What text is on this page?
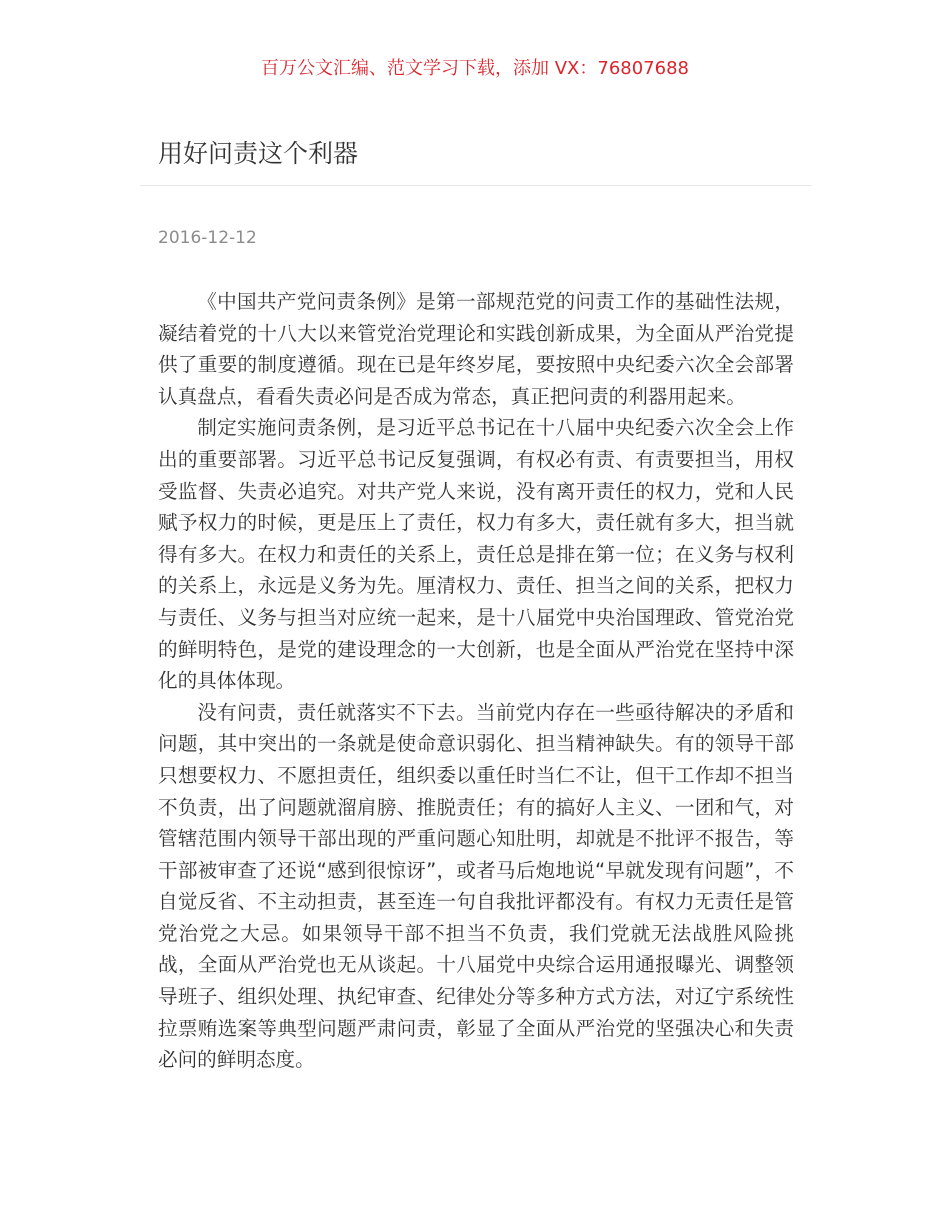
百万公文汇编、范文学习下载，添加 VX：76807688
用好问责这个利器
2016-12-12

《中国共产党问责条例》是第一部规范党的问责工作的基础性法规，凝结着党的十八大以来管党治党理论和实践创新成果，为全面从严治党提供了重要的制度遵循。现在已是年终岁尾，要按照中央纪委六次全会部署认真盘点，看看失责必问是否成为常态，真正把问责的利器用起来。

制定实施问责条例，是习近平总书记在十八届中央纪委六次全会上作出的重要部署。习近平总书记反复强调，有权必有责、有责要担当，用权受监督、失责必追究。对共产党人来说，没有离开责任的权力，党和人民赋予权力的时候，更是压上了责任，权力有多大，责任就有多大，担当就得有多大。在权力和责任的关系上，责任总是排在第一位；在义务与权利的关系上，永远是义务为先。厘清权力、责任、担当之间的关系，把权力与责任、义务与担当对应统一起来，是十八届党中央治国理政、管党治党的鲜明特色，是党的建设理念的一大创新，也是全面从严治党在坚持中深化的具体体现。

没有问责，责任就落实不下去。当前党内存在一些亟待解决的矛盾和问题，其中突出的一条就是使命意识弱化、担当精神缺失。有的领导干部只想要权力、不愿担责任，组织委以重任时当仁不让，但干工作却不担当不负责，出了问题就溜肩膀、推脱责任；有的搞好人主义、一团和气，对管辖范围内领导干部出现的严重问题心知肚明，却就是不批评不报告，等干部被审查了还说“感到很惊讶”，或者马后炮地说“早就发现有问题”，不自觉反省、不主动担责，甚至连一句自我批评都没有。有权力无责任是管党治党之大忌。如果领导干部不担当不负责，我们党就无法战胜风险挑战，全面从严治党也无从谈起。十八届党中央综合运用通报曝光、调整领导班子、组织处理、执纪审查、纪律处分等多种方式方法，对辽宁系统性拉票贿选案等典型问题严肃问责，彰显了全面从严治党的坚强决心和失责必问的鲜明态度。
